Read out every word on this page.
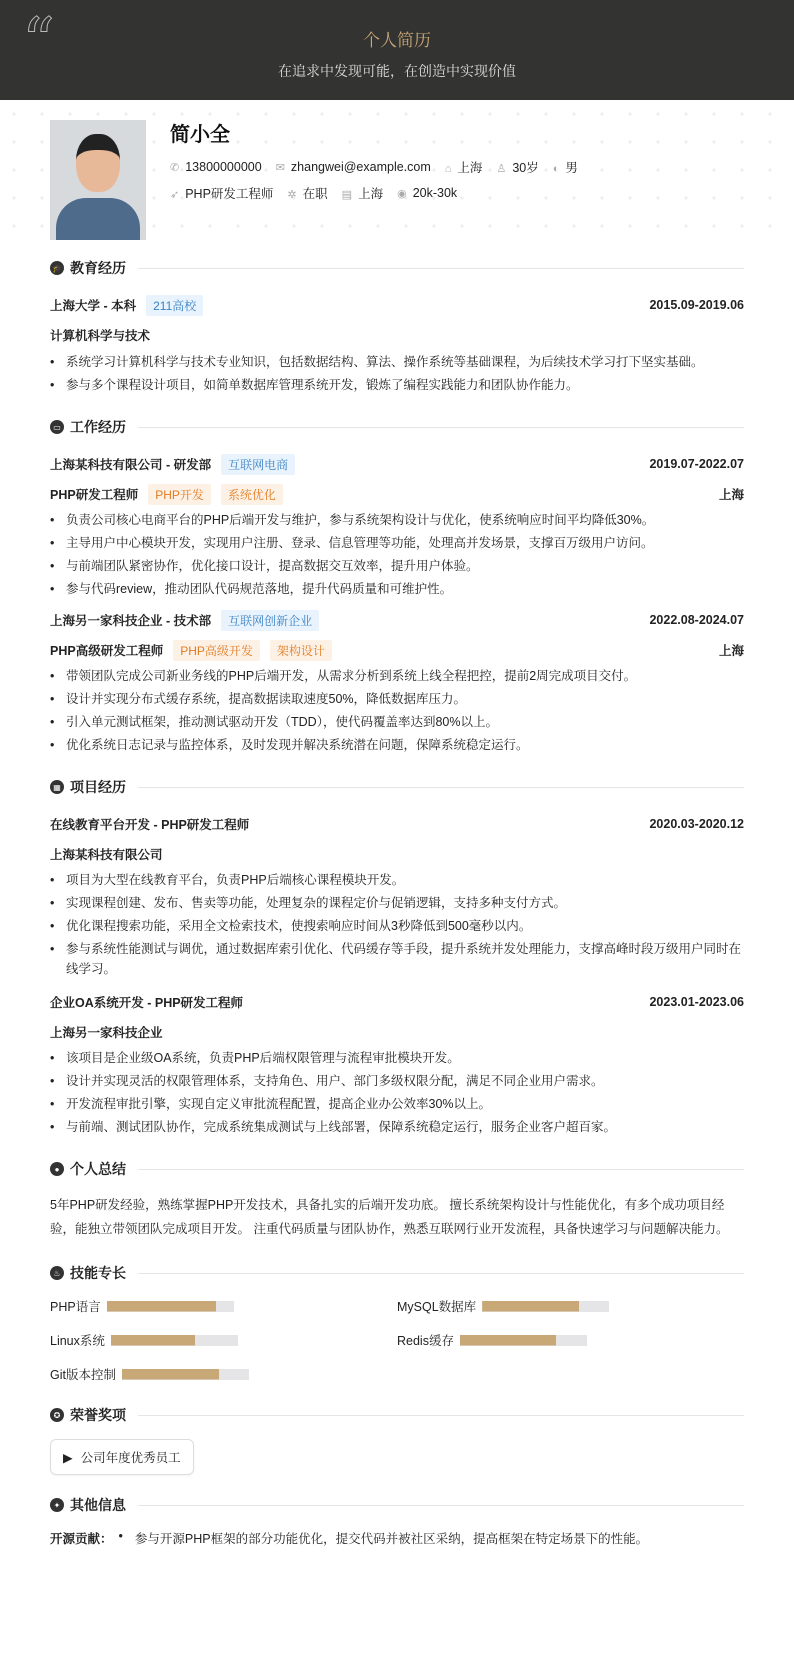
“	个人简历
在追求中发现可能，在创造中实现价值
简小全
✆ 13800000000 ✉ zhangwei@example.com ⌂ 上海 ♙ 30岁 ◐ 男
➶ PHP研发工程师 ✲ 在职 ▤ 上海 ◉ 20k-30k
🎓 教育经历
上海大学 - 本科	211高校	2015.09-2019.06
计算机科学与技术
• 系统学习计算机科学与技术专业知识，包括数据结构、算法、操作系统等基础课程，为后续技术学习打下坚实基础。
• 参与多个课程设计项目，如简单数据库管理系统开发，锻炼了编程实践能力和团队协作能力。
▭ 工作经历
上海某科技有限公司 - 研发部	互联网电商	2019.07-2022.07
PHP研发工程师	PHP开发	系统优化	上海
• 负责公司核心电商平台的PHP后端开发与维护，参与系统架构设计与优化，使系统响应时间平均降低30%。
• 主导用户中心模块开发，实现用户注册、登录、信息管理等功能，处理高并发场景，支撑百万级用户访问。
• 与前端团队紧密协作，优化接口设计，提高数据交互效率，提升用户体验。
• 参与代码review，推动团队代码规范落地，提升代码质量和可维护性。
上海另一家科技企业 - 技术部	互联网创新企业	2022.08-2024.07
PHP高级研发工程师	PHP高级开发	架构设计	上海
• 带领团队完成公司新业务线的PHP后端开发，从需求分析到系统上线全程把控，提前2周完成项目交付。
• 设计并实现分布式缓存系统，提高数据读取速度50%，降低数据库压力。
• 引入单元测试框架，推动测试驱动开发（TDD），使代码覆盖率达到80%以上。
• 优化系统日志记录与监控体系，及时发现并解决系统潜在问题，保障系统稳定运行。
▦ 项目经历
在线教育平台开发 - PHP研发工程师	2020.03-2020.12
上海某科技有限公司
• 项目为大型在线教育平台，负责PHP后端核心课程模块开发。
• 实现课程创建、发布、售卖等功能，处理复杂的课程定价与促销逻辑，支持多种支付方式。
• 优化课程搜索功能，采用全文检索技术，使搜索响应时间从3秒降低到500毫秒以内。
• 参与系统性能测试与调优，通过数据库索引优化、代码缓存等手段，提升系统并发处理能力，支撑高峰时段万级用户同时在线学习。
企业OA系统开发 - PHP研发工程师	2023.01-2023.06
上海另一家科技企业
• 该项目是企业级OA系统，负责PHP后端权限管理与流程审批模块开发。
• 设计并实现灵活的权限管理体系，支持角色、用户、部门多级权限分配，满足不同企业用户需求。
• 开发流程审批引擎，实现自定义审批流程配置，提高企业办公效率30%以上。
• 与前端、测试团队协作，完成系统集成测试与上线部署，保障系统稳定运行，服务企业客户超百家。
● 个人总结
5年PHP研发经验，熟练掌握PHP开发技术，具备扎实的后端开发功底。 擅长系统架构设计与性能优化，有多个成功项目经验，能独立带领团队完成项目开发。 注重代码质量与团队协作，熟悉互联网行业开发流程，具备快速学习与问题解决能力。
♨ 技能专长
PHP语言	MySQL数据库
Linux系统	Redis缓存
Git版本控制
✪ 荣誉奖项
▶ 公司年度优秀员工
✦ 其他信息
开源贡献： • 参与开源PHP框架的部分功能优化，提交代码并被社区采纳，提高框架在特定场景下的性能。
